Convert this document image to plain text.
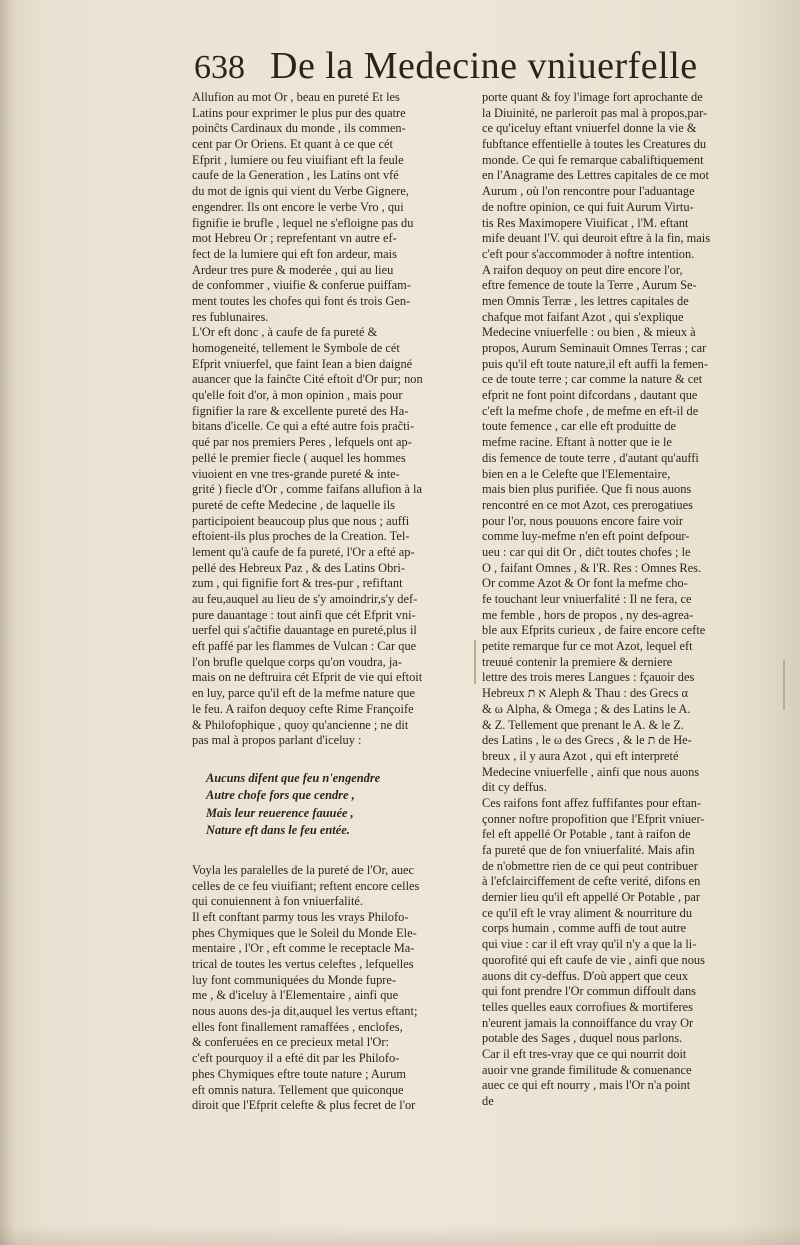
638 De la Medecine vniuerfelle
Allufion au mot Or , beau en pureté Et les
Latins pour exprimer le plus pur des quatre
poinĉts Cardinaux du monde , ils commen-
cent par Or Oriens. Et quant à ce que cét
Efprit , lumiere ou feu viuifiant eft la feule
caufe de la Generation , les Latins ont vfé
du mot de ignis qui vient du Verbe Gignere,
engendrer. Ils ont encore le verbe Vro , qui
fignifie ie brufle , lequel ne s'efloigne pas du
mot Hebreu Or ; reprefentant vn autre ef-
fect de la lumiere qui eft fon ardeur, mais
Ardeur tres pure & moderée , qui au lieu
de confommer , viuifie & conferue puiffam-
ment toutes les chofes qui font és trois Gen-
res fublunaires.
L'Or eft donc , à caufe de fa pureté &
homogeneité, tellement le Symbole de cét
Efprit vniuerfel, que faint Iean a bien daigné
auancer que la fainĉte Cité eftoit d'Or pur; non
qu'elle foit d'or, à mon opinion , mais pour
fignifier la rare & excellente pureté des Ha-
bitans d'icelle. Ce qui a efté autre fois prac̃ti-
qué par nos premiers Peres , lefquels ont ap-
pellé le premier fiecle ( auquel les hommes
viuoient en vne tres-grande pureté & inte-
grité ) fiecle d'Or , comme faifans allufion à la
pureté de cefte Medecine , de laquelle ils
participoient beaucoup plus que nous ; auffi
eftoient-ils plus proches de la Creation. Tel-
lement qu'à caufe de fa pureté, l'Or a efté ap-
pellé des Hebreux Paz , & des Latins Obri-
zum , qui fignifie fort & tres-pur , refiftant
au feu,auquel au lieu de s'y amoindrir,s'y def-
pure dauantage : tout ainfi que cét Efprit vni-
uerfel qui s'aĉtifie dauantage en pureté,plus il
eft paffé par les flammes de Vulcan : Car que
l'on brufle quelque corps qu'on voudra, ja-
mais on ne deftruira cét Efprit de vie qui eftoit
en luy, parce qu'il eft de la mefme nature que
le feu. A raifon dequoy cefte Rime Françoife
& Philofophique , quoy qu'ancienne ; ne dit
pas mal à propos parlant d'iceluy :
Aucuns difent que feu n'engendre
Autre chofe fors que cendre ,
Mais leur reuerence fauuée ,
Nature eft dans le feu entée.
Voyla les paralelles de la pureté de l'Or, auec
celles de ce feu viuifiant; reftent encore celles
qui conuiennent à fon vniuerfalité.
Il eft conftant parmy tous les vrays Philofo-
phes Chymiques que le Soleil du Monde Ele-
mentaire , l'Or , eft comme le receptacle Ma-
trical de toutes les vertus celeftes , lefquelles
luy font communiquées du Monde fupre-
me , & d'iceluy à l'Elementaire , ainfi que
nous auons des-ja dit,auquel les vertus eftant;
elles font finallement ramaffées , enclofes,
& conferuées en ce precieux metal l'Or:
c'eft pourquoy il a efté dit par les Philofo-
phes Chymiques eftre toute nature ; Aurum
eft omnis natura. Tellement que quiconque
diroit que l'Efprit celefte & plus fecret de l'or
porte quant & foy l'image fort aprochante de
la Diuinité, ne parleroit pas mal à propos,par-
ce qu'iceluy eftant vniuerfel donne la vie &
fubftance effentielle à toutes les Creatures du
monde. Ce qui fe remarque cabaliftiquement
en l'Anagrame des Lettres capitales de ce mot
Aurum , où l'on rencontre pour l'aduantage
de noftre opinion, ce qui fuit Aurum Virtu-
tis Res Maximopere Viuificat , l'M. eftant
mife deuant l'V. qui deuroit eftre à la fin, mais
c'eft pour s'accommoder à noftre intention.
A raifon dequoy on peut dire encore l'or,
eftre femence de toute la Terre , Aurum Se-
men Omnis Terræ , les lettres capitales de
chafque mot faifant Azot , qui s'explique
Medecine vniuerfelle : ou bien , & mieux à
propos, Aurum Seminauit Omnes Terras ; car
puis qu'il eft toute nature,il eft auffi la femen-
ce de toute terre ; car comme la nature & cet
efprit ne font point difcordans , dautant que
c'eft la mefme chofe , de mefme en eft-il de
toute femence , car elle eft produitte de
mefme racine. Eftant à notter que ie le
dis femence de toute terre , d'autant qu'auffi
bien en a le Celefte que l'Elementaire,
mais bien plus purifiée. Que fi nous auons
rencontré en ce mot Azot, ces prerogatiues
pour l'or, nous pouuons encore faire voir
comme luy-mefme n'en eft point defpour-
ueu : car qui dit Or , diĉt toutes chofes ; le
O , faifant Omnes , & l'R. Res : Omnes Res.
Or comme Azot & Or font la mefme cho-
fe touchant leur vniuerfalité : Il ne fera, ce
me femble , hors de propos , ny des-agrea-
ble aux Efprits curieux , de faire encore cefte
petite remarque fur ce mot Azot, lequel eft
treuué contenir la premiere & derniere
lettre des trois meres Langues : fçauoir des
Hebreux א ת Aleph & Thau : des Grecs α
& ω Alpha, & Omega ; & des Latins le A.
& Z. Tellement que prenant le A. & le Z.
des Latins , le ω des Grecs , & le ת de He-
breux , il y aura Azot , qui eft interpreté
Medecine vniuerfelle , ainfi que nous auons
dit cy deffus.
Ces raifons font affez fuffifantes pour eftan-
çonner noftre propofition que l'Efprit vniuer-
fel eft appellé Or Potable , tant à raifon de
fa pureté que de fon vniuerfalité. Mais afin
de n'obmettre rien de ce qui peut contribuer
à l'efclairciffement de cefte verité, difons en
dernier lieu qu'il eft appellé Or Potable , par
ce qu'il eft le vray aliment & nourriture du
corps humain , comme auffi de tout autre
qui viue : car il eft vray qu'il n'y a que la li-
quorofité qui eft caufe de vie , ainfi que nous
auons dit cy-deffus. D'où appert que ceux
qui font prendre l'Or commun diffoult dans
telles quelles eaux corrofiues & mortiferes
n'eurent jamais la connoiffance du vray Or
potable des Sages , duquel nous parlons.
Car il eft tres-vray que ce qui nourrit doit
auoir vne grande fimilitude & conuenance
auec ce qui eft nourry , mais l'Or n'a point
de
